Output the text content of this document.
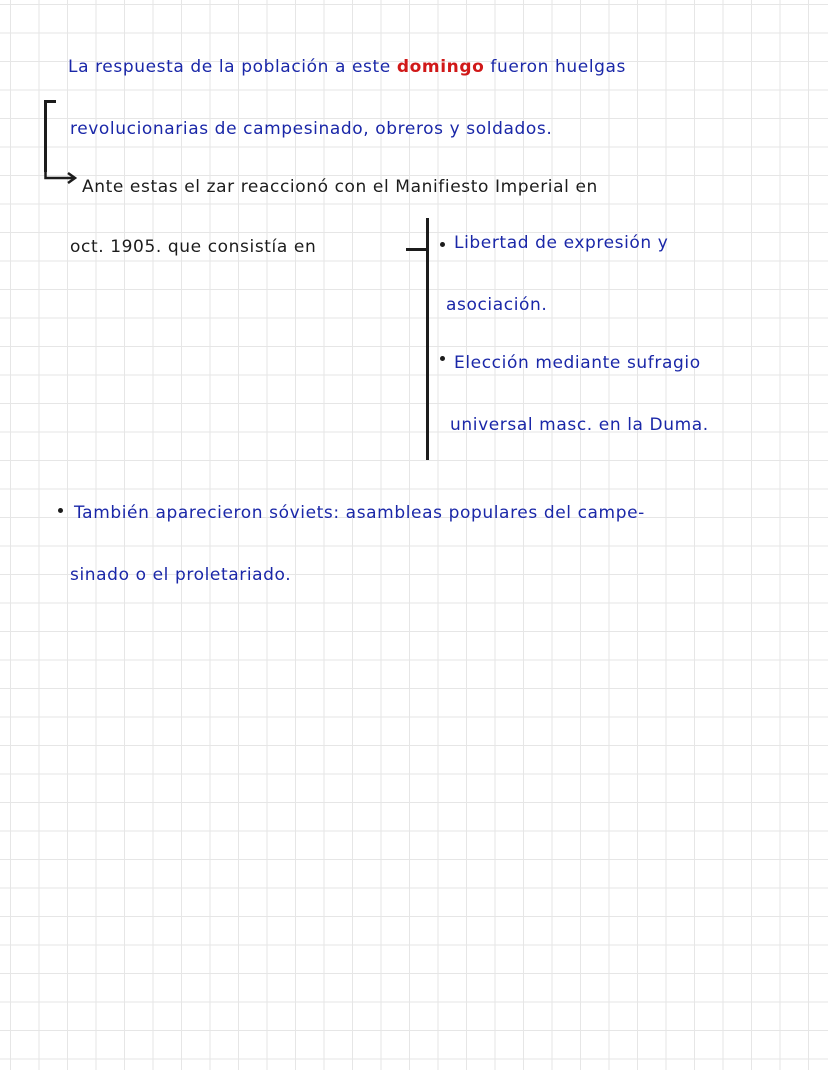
La respuesta de la población a este domingo fueron huelgas
revolucionarias de campesinado, obreros y soldados.
Ante estas el zar reaccionó con el Manifiesto Imperial en
oct. 1905. que consistía en	Libertad de expresión y
asociación.
Elección mediante sufragio
universal masc. en la Duma.
También aparecieron sóviets: asambleas populares del campe-
sinado o el proletariado.
